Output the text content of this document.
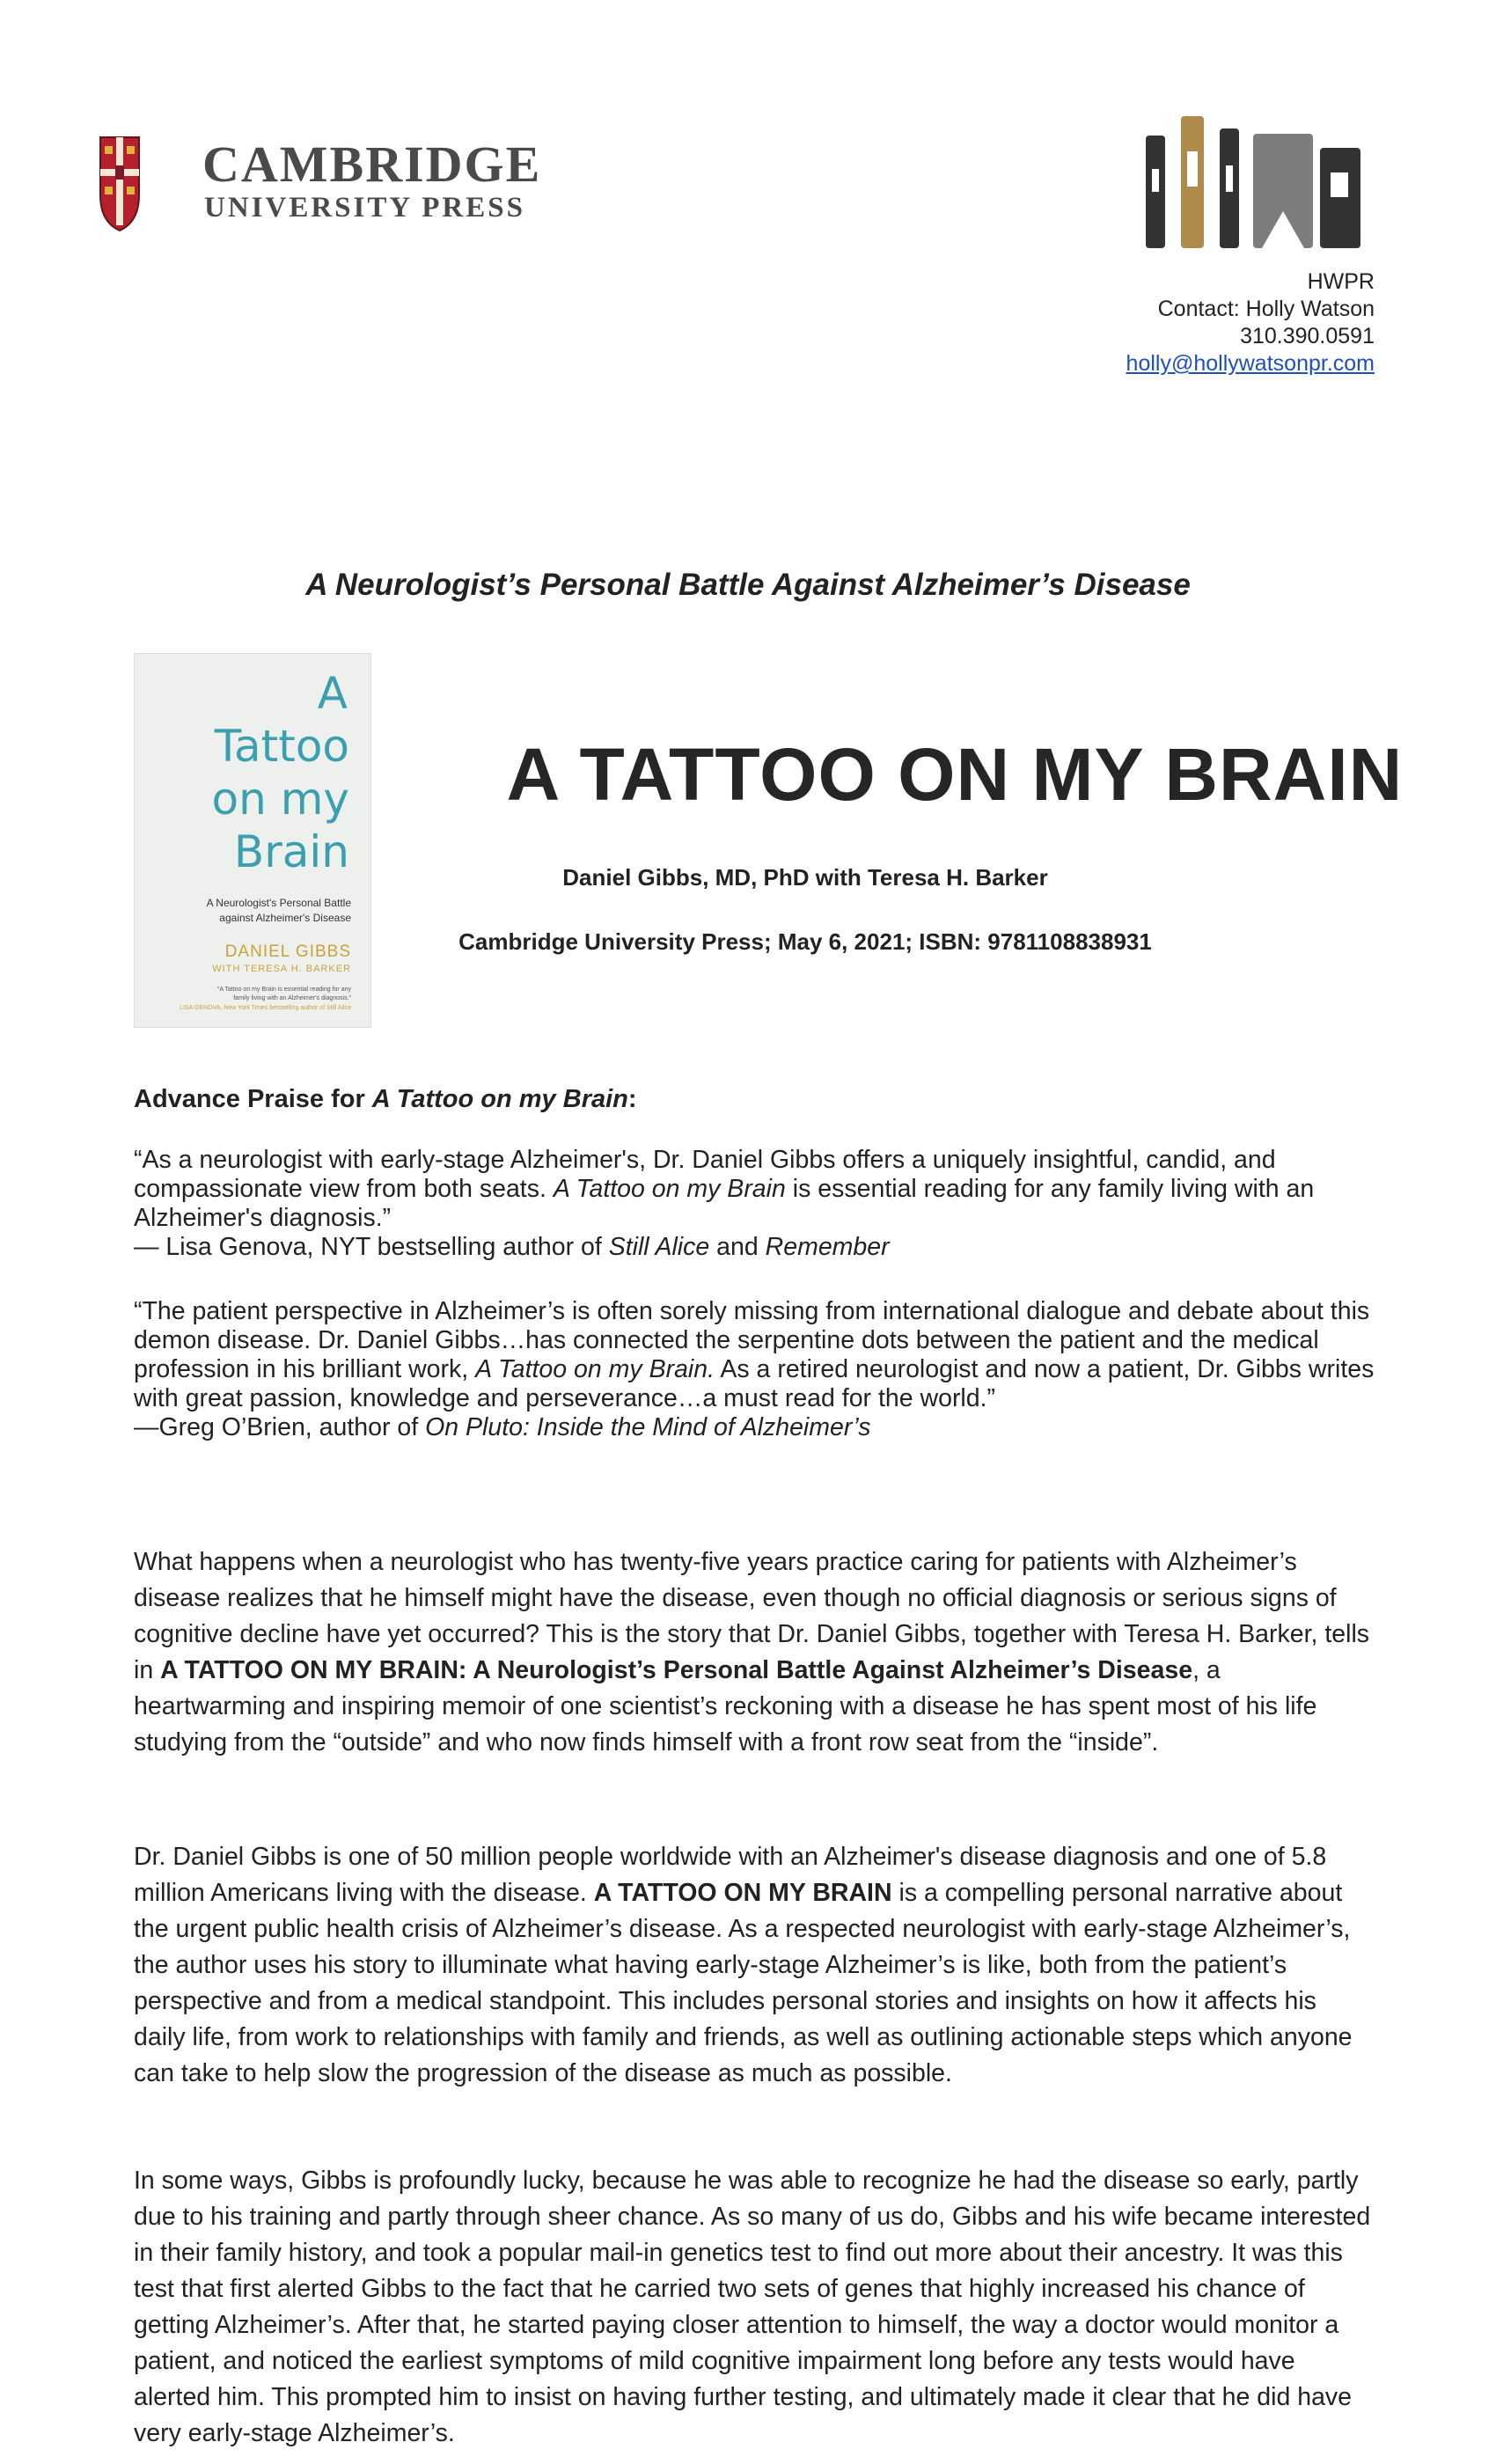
CAMBRIDGE
UNIVERSITY PRESS
HWPR
Contact: Holly Watson
310.390.0591
holly@hollywatsonpr.com
A Neurologist’s Personal Battle Against Alzheimer’s Disease
A
Tattoo
on my
Brain
A Neurologist's Personal Battle
against Alzheimer's Disease
DANIEL GIBBS
WITH TERESA H. BARKER
"A Tattoo on my Brain is essential reading for any
family living with an Alzheimer's diagnosis."
LISA GENOVA, New York Times bestselling author of Still Alice
A TATTOO ON MY BRAIN
Daniel Gibbs, MD, PhD with Teresa H. Barker
Cambridge University Press; May 6, 2021; ISBN: 9781108838931
Advance Praise for A Tattoo on my Brain:
“As a neurologist with early-stage Alzheimer's, Dr. Daniel Gibbs offers a uniquely insightful, candid, and compassionate view from both seats. A Tattoo on my Brain is essential reading for any family living with an Alzheimer's diagnosis.”
— Lisa Genova, NYT bestselling author of Still Alice and Remember
“The patient perspective in Alzheimer’s is often sorely missing from international dialogue and debate about this demon disease. Dr. Daniel Gibbs…has connected the serpentine dots between the patient and the medical profession in his brilliant work, A Tattoo on my Brain. As a retired neurologist and now a patient, Dr. Gibbs writes with great passion, knowledge and perseverance…a must read for the world.”
—Greg O’Brien, author of On Pluto: Inside the Mind of Alzheimer’s
What happens when a neurologist who has twenty-five years practice caring for patients with Alzheimer’s disease realizes that he himself might have the disease, even though no official diagnosis or serious signs of cognitive decline have yet occurred? This is the story that Dr. Daniel Gibbs, together with Teresa H. Barker, tells in A TATTOO ON MY BRAIN: A Neurologist’s Personal Battle Against Alzheimer’s Disease, a heartwarming and inspiring memoir of one scientist’s reckoning with a disease he has spent most of his life studying from the “outside” and who now finds himself with a front row seat from the “inside”.
Dr. Daniel Gibbs is one of 50 million people worldwide with an Alzheimer's disease diagnosis and one of 5.8 million Americans living with the disease. A TATTOO ON MY BRAIN is a compelling personal narrative about the urgent public health crisis of Alzheimer’s disease. As a respected neurologist with early-stage Alzheimer’s, the author uses his story to illuminate what having early-stage Alzheimer’s is like, both from the patient’s perspective and from a medical standpoint. This includes personal stories and insights on how it affects his daily life, from work to relationships with family and friends, as well as outlining actionable steps which anyone can take to help slow the progression of the disease as much as possible.
In some ways, Gibbs is profoundly lucky, because he was able to recognize he had the disease so early, partly due to his training and partly through sheer chance. As so many of us do, Gibbs and his wife became interested in their family history, and took a popular mail-in genetics test to find out more about their ancestry. It was this test that first alerted Gibbs to the fact that he carried two sets of genes that highly increased his chance of getting Alzheimer’s. After that, he started paying closer attention to himself, the way a doctor would monitor a patient, and noticed the earliest symptoms of mild cognitive impairment long before any tests would have alerted him. This prompted him to insist on having further testing, and ultimately made it clear that he did have very early-stage Alzheimer’s.
